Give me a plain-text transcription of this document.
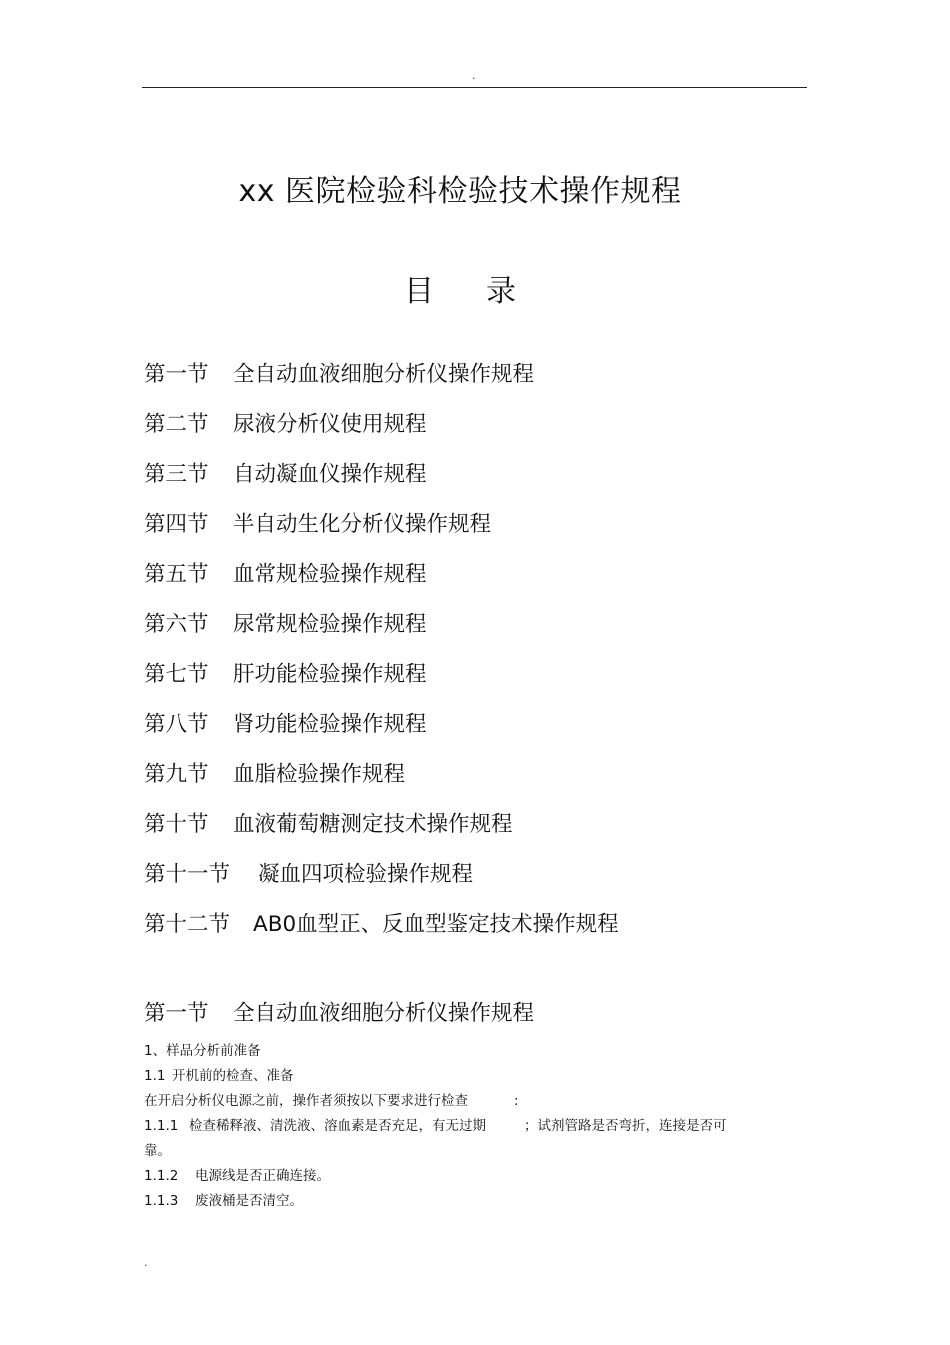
.
xx 医院检验科检验技术操作规程
目 录
第一节	全自动血液细胞分析仪操作规程
第二节	尿液分析仪使用规程
第三节	自动凝血仪操作规程
第四节	半自动生化分析仪操作规程
第五节	血常规检验操作规程
第六节	尿常规检验操作规程
第七节	肝功能检验操作规程
第八节	肾功能检验操作规程
第九节	血脂检验操作规程
第十节	血液葡萄糖测定技术操作规程
第十一节	凝血四项检验操作规程
第十二节	AB0血型正、反血型鉴定技术操作规程
第一节 全自动血液细胞分析仪操作规程
1、样品分析前准备
1.1 开机前的检查、准备
在开启分析仪电源之前，操作者须按以下要求进行检查	:
1.1.1 检查稀释液、清洗液、溶血素是否充足，有无过期	；试剂管路是否弯折，连接是否可
靠。
1.1.2 电源线是否正确连接。
1.1.3 废液桶是否清空。
.
